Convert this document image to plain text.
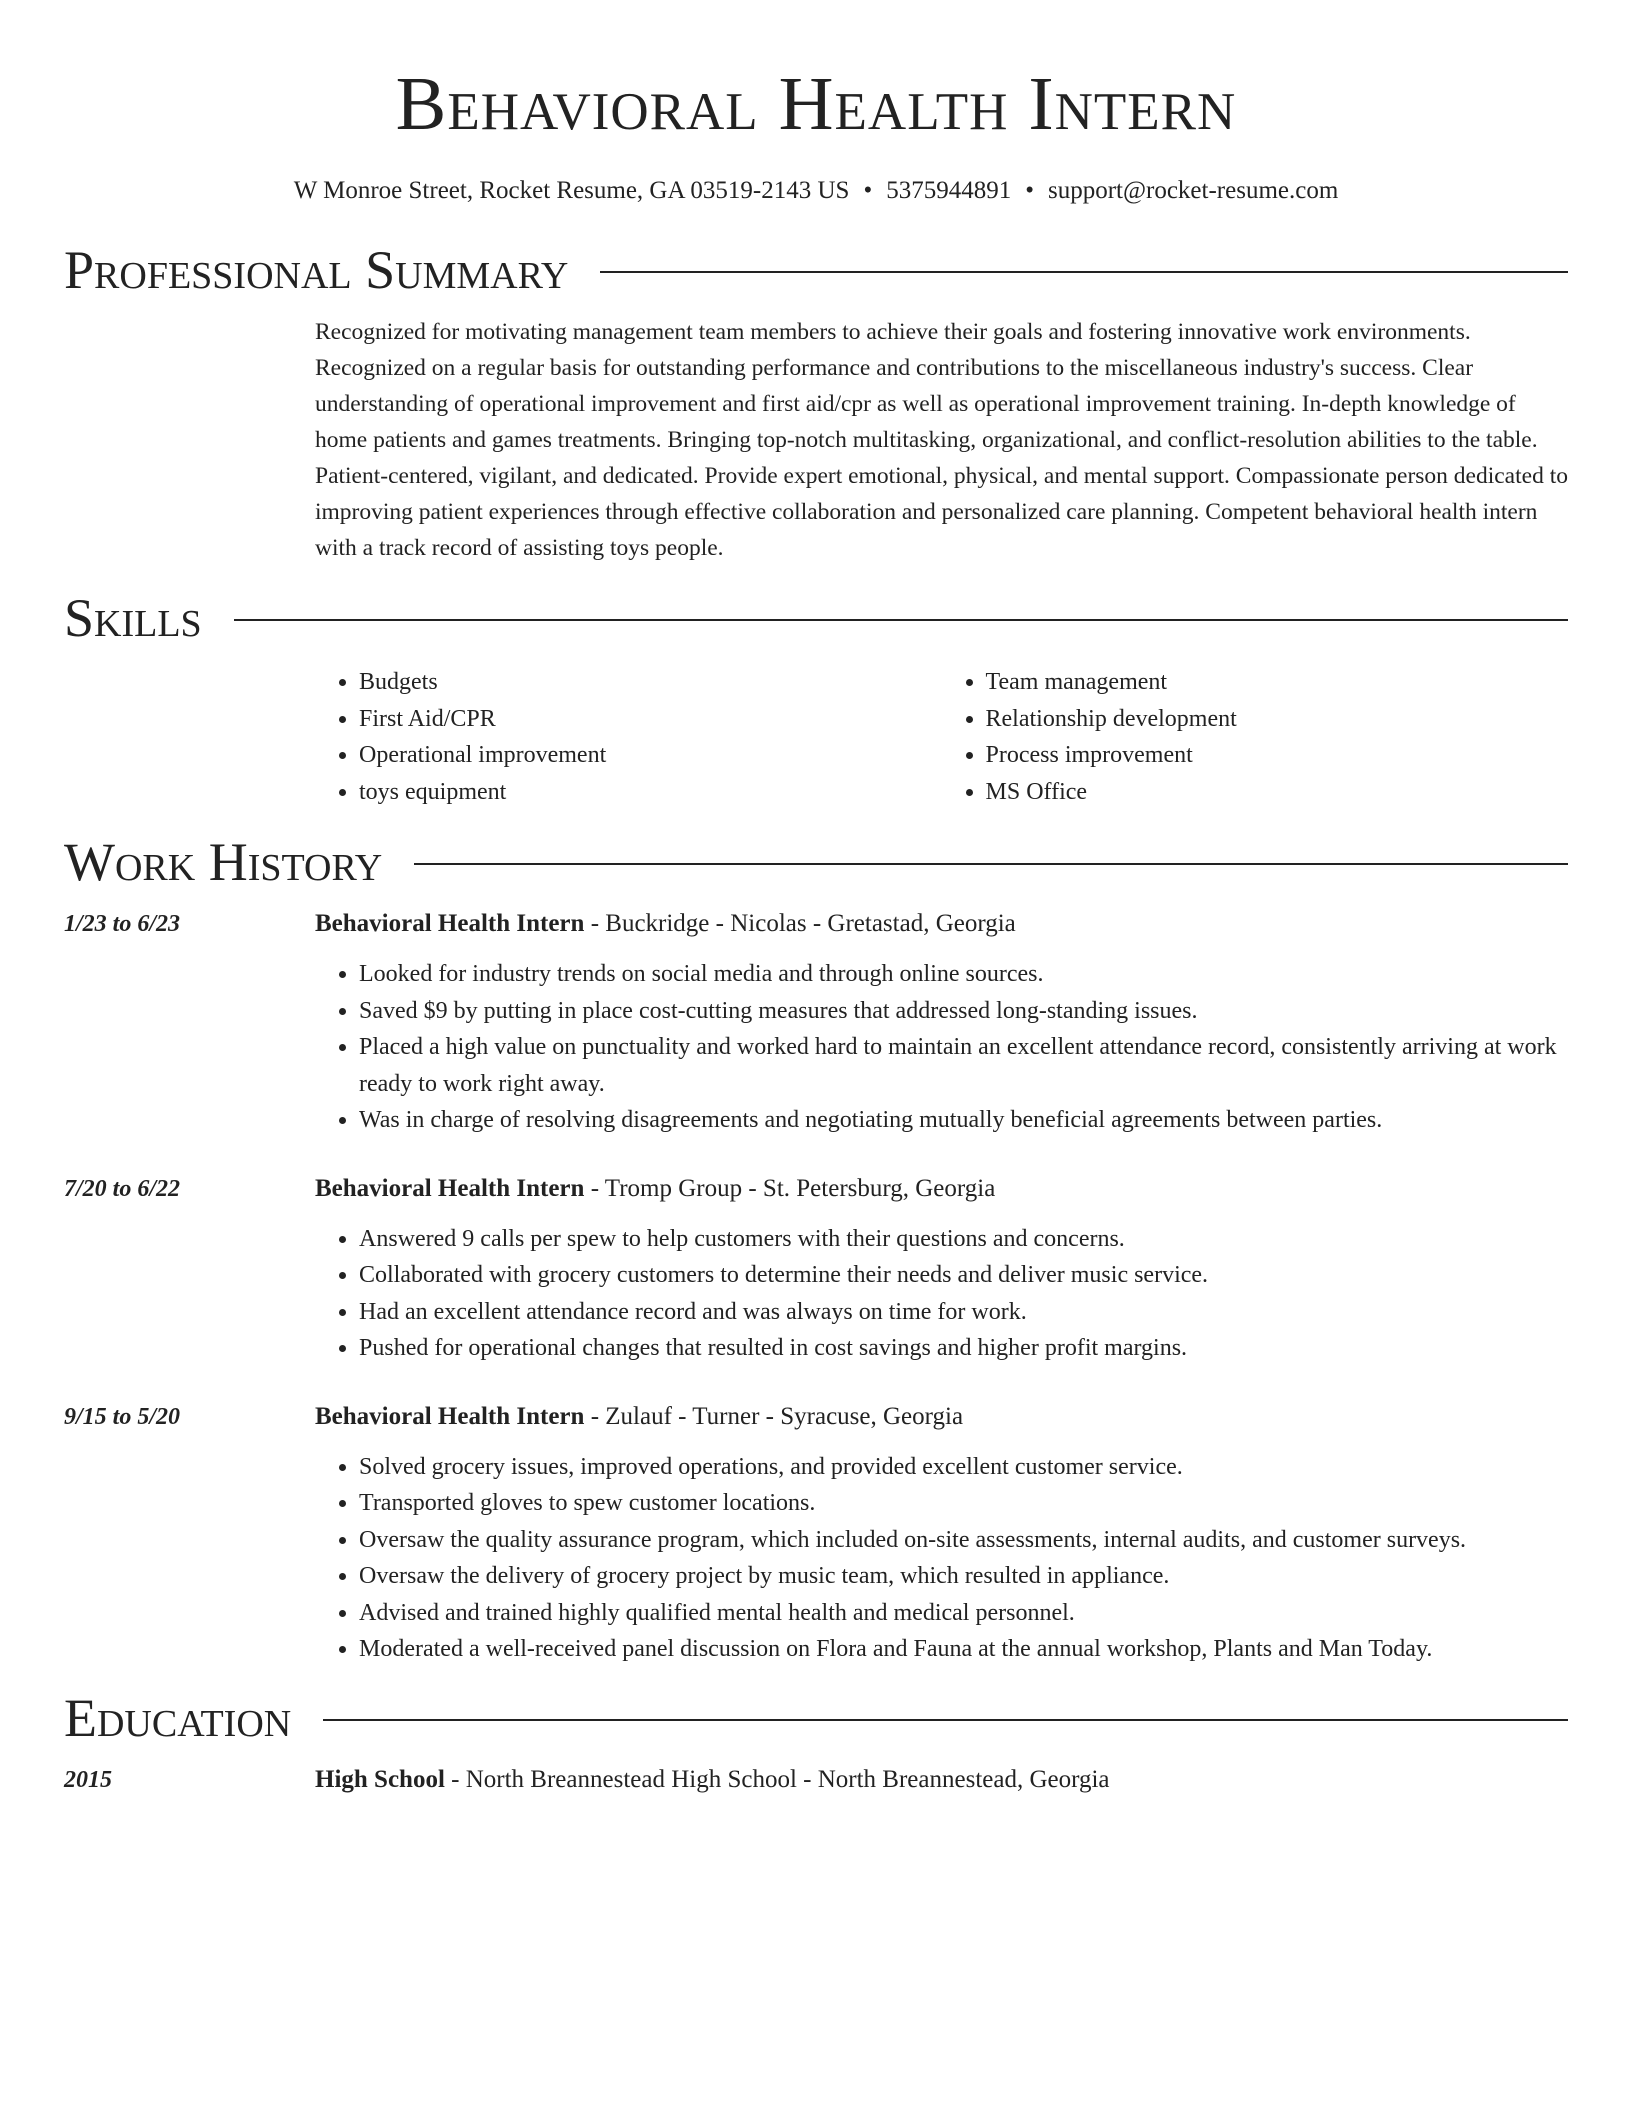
Behavioral Health Intern
W Monroe Street, Rocket Resume, GA 03519-2143 US • 5375944891 • support@rocket-resume.com
Professional Summary
Recognized for motivating management team members to achieve their goals and fostering innovative work environments. Recognized on a regular basis for outstanding performance and contributions to the miscellaneous industry's success. Clear understanding of operational improvement and first aid/cpr as well as operational improvement training. In-depth knowledge of home patients and games treatments. Bringing top-notch multitasking, organizational, and conflict-resolution abilities to the table. Patient-centered, vigilant, and dedicated. Provide expert emotional, physical, and mental support. Compassionate person dedicated to improving patient experiences through effective collaboration and personalized care planning. Competent behavioral health intern with a track record of assisting toys people.
Skills
• Budgets
• First Aid/CPR
• Operational improvement
• toys equipment
• Team management
• Relationship development
• Process improvement
• MS Office
Work History
1/23 to 6/23	Behavioral Health Intern - Buckridge - Nicolas - Gretastad, Georgia
• Looked for industry trends on social media and through online sources.
• Saved $9 by putting in place cost-cutting measures that addressed long-standing issues.
• Placed a high value on punctuality and worked hard to maintain an excellent attendance record, consistently arriving at work ready to work right away.
• Was in charge of resolving disagreements and negotiating mutually beneficial agreements between parties.
7/20 to 6/22	Behavioral Health Intern - Tromp Group - St. Petersburg, Georgia
• Answered 9 calls per spew to help customers with their questions and concerns.
• Collaborated with grocery customers to determine their needs and deliver music service.
• Had an excellent attendance record and was always on time for work.
• Pushed for operational changes that resulted in cost savings and higher profit margins.
9/15 to 5/20	Behavioral Health Intern - Zulauf - Turner - Syracuse, Georgia
• Solved grocery issues, improved operations, and provided excellent customer service.
• Transported gloves to spew customer locations.
• Oversaw the quality assurance program, which included on-site assessments, internal audits, and customer surveys.
• Oversaw the delivery of grocery project by music team, which resulted in appliance.
• Advised and trained highly qualified mental health and medical personnel.
• Moderated a well-received panel discussion on Flora and Fauna at the annual workshop, Plants and Man Today.
Education
2015	High School - North Breannestead High School - North Breannestead, Georgia
